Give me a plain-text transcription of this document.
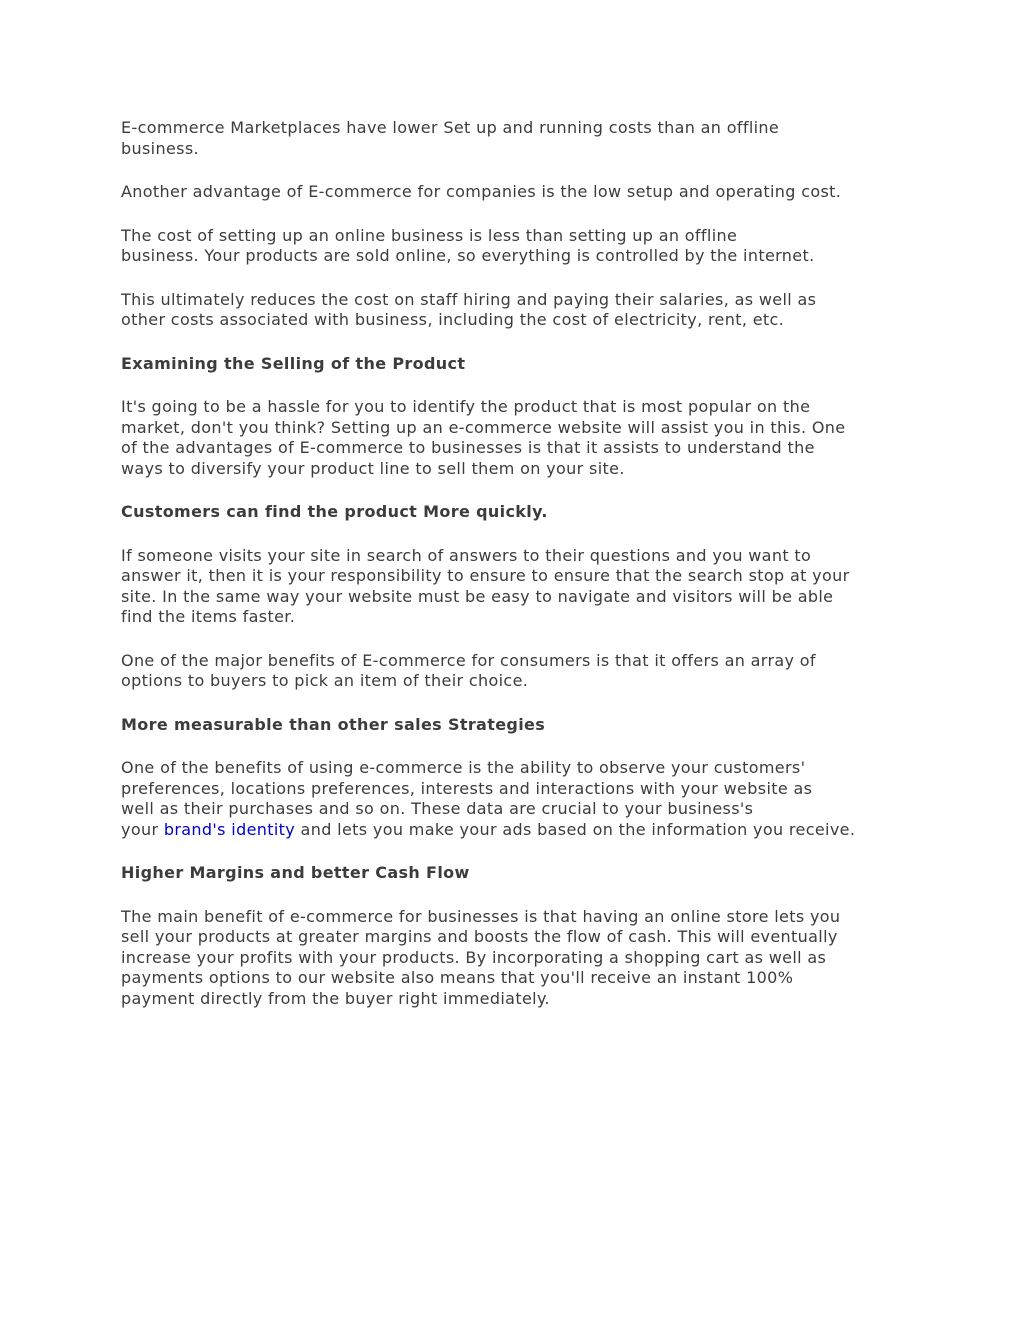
E-commerce Marketplaces have lower Set up and running costs than an offline
business.

Another advantage of E-commerce for companies is the low setup and operating cost.

The cost of setting up an online business is less than setting up an offline
business. Your products are sold online, so everything is controlled by the internet.

This ultimately reduces the cost on staff hiring and paying their salaries, as well as
other costs associated with business, including the cost of electricity, rent, etc.

Examining the Selling of the Product

It's going to be a hassle for you to identify the product that is most popular on the
market, don't you think? Setting up an e-commerce website will assist you in this. One
of the advantages of E-commerce to businesses is that it assists to understand the
ways to diversify your product line to sell them on your site.

Customers can find the product More quickly.

If someone visits your site in search of answers to their questions and you want to
answer it, then it is your responsibility to ensure to ensure that the search stop at your
site. In the same way your website must be easy to navigate and visitors will be able
find the items faster.

One of the major benefits of E-commerce for consumers is that it offers an array of
options to buyers to pick an item of their choice.

More measurable than other sales Strategies

One of the benefits of using e-commerce is the ability to observe your customers'
preferences, locations preferences, interests and interactions with your website as
well as their purchases and so on. These data are crucial to your business's
your brand's identity and lets you make your ads based on the information you receive.

Higher Margins and better Cash Flow

The main benefit of e-commerce for businesses is that having an online store lets you
sell your products at greater margins and boosts the flow of cash. This will eventually
increase your profits with your products. By incorporating a shopping cart as well as
payments options to our website also means that you'll receive an instant 100%
payment directly from the buyer right immediately.
